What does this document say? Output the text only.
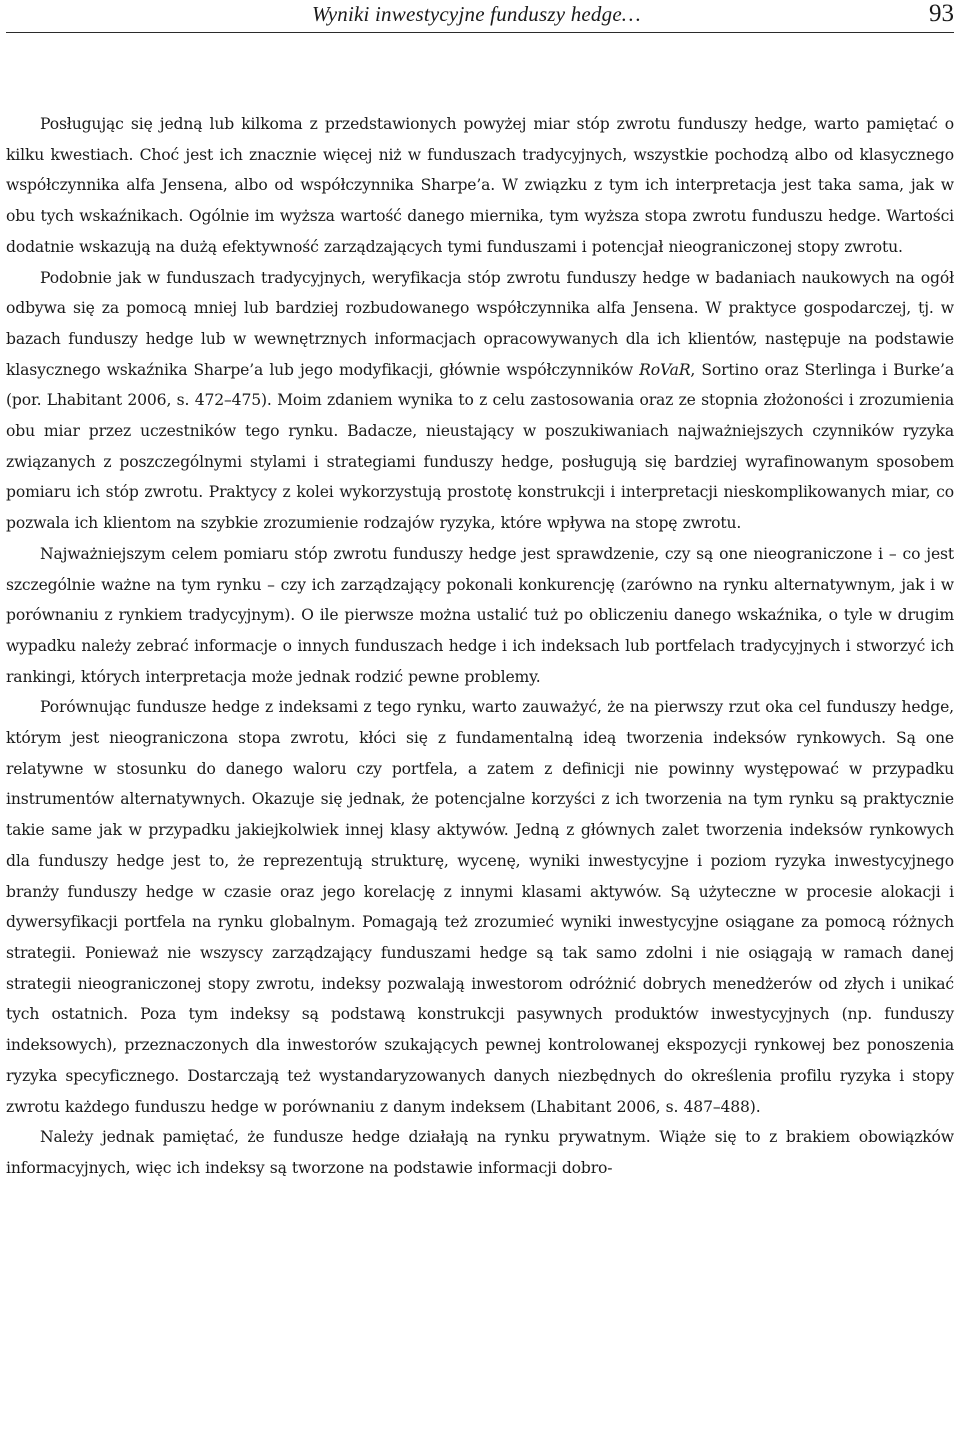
Wyniki inwestycyjne funduszy hedge…	93

Posługując się jedną lub kilkoma z przedstawionych powyżej miar stóp zwrotu funduszy hedge, warto pamiętać o kilku kwestiach. Choć jest ich znacznie więcej niż w funduszach tradycyjnych, wszystkie pochodzą albo od klasycznego współczynnika alfa Jensena, albo od współczynnika Sharpe’a. W związku z tym ich interpretacja jest taka sama, jak w obu tych wskaźnikach. Ogólnie im wyższa wartość danego miernika, tym wyższa stopa zwrotu funduszu hedge. Wartości dodatnie wskazują na dużą efektywność zarządzających tymi funduszami i potencjał nieograniczonej stopy zwrotu.

Podobnie jak w funduszach tradycyjnych, weryfikacja stóp zwrotu funduszy hedge w badaniach naukowych na ogół odbywa się za pomocą mniej lub bardziej rozbudowanego współczynnika alfa Jensena. W praktyce gospodarczej, tj. w bazach funduszy hedge lub w wewnętrznych informacjach opracowywanych dla ich klientów, następuje na podstawie klasycznego wskaźnika Sharpe’a lub jego modyfikacji, głównie współczynników RoVaR, Sortino oraz Sterlinga i Burke’a (por. Lhabitant 2006, s. 472–475). Moim zdaniem wynika to z celu zastosowania oraz ze stopnia złożoności i zrozumienia obu miar przez uczestników tego rynku. Badacze, nieustający w poszukiwaniach najważniejszych czynników ryzyka związanych z poszczególnymi stylami i strategiami funduszy hedge, posługują się bardziej wyrafinowanym sposobem pomiaru ich stóp zwrotu. Praktycy z kolei wykorzystują prostotę konstrukcji i interpretacji nieskomplikowanych miar, co pozwala ich klientom na szybkie zrozumienie rodzajów ryzyka, które wpływa na stopę zwrotu.

Najważniejszym celem pomiaru stóp zwrotu funduszy hedge jest sprawdzenie, czy są one nieograniczone i – co jest szczególnie ważne na tym rynku – czy ich zarządzający pokonali konkurencję (zarówno na rynku alternatywnym, jak i w porównaniu z rynkiem tradycyjnym). O ile pierwsze można ustalić tuż po obliczeniu danego wskaźnika, o tyle w drugim wypadku należy zebrać informacje o innych funduszach hedge i ich indeksach lub portfelach tradycyjnych i stworzyć ich rankingi, których interpretacja może jednak rodzić pewne problemy.

Porównując fundusze hedge z indeksami z tego rynku, warto zauważyć, że na pierwszy rzut oka cel funduszy hedge, którym jest nieograniczona stopa zwrotu, kłóci się z fundamentalną ideą tworzenia indeksów rynkowych. Są one relatywne w stosunku do danego waloru czy portfela, a zatem z definicji nie powinny występować w przypadku instrumentów alternatywnych. Okazuje się jednak, że potencjalne korzyści z ich tworzenia na tym rynku są praktycznie takie same jak w przypadku jakiejkolwiek innej klasy aktywów. Jedną z głównych zalet tworzenia indeksów rynkowych dla funduszy hedge jest to, że reprezentują strukturę, wycenę, wyniki inwestycyjne i poziom ryzyka inwestycyjnego branży funduszy hedge w czasie oraz jego korelację z innymi klasami aktywów. Są użyteczne w procesie alokacji i dywersyfikacji portfela na rynku globalnym. Pomagają też zrozumieć wyniki inwestycyjne osiągane za pomocą różnych strategii. Ponieważ nie wszyscy zarządzający funduszami hedge są tak samo zdolni i nie osiągają w ramach danej strategii nieograniczonej stopy zwrotu, indeksy pozwalają inwestorom odróżnić dobrych menedżerów od złych i unikać tych ostatnich. Poza tym indeksy są podstawą konstrukcji pasywnych produktów inwestycyjnych (np. funduszy indeksowych), przeznaczonych dla inwestorów szukających pewnej kontrolowanej ekspozycji rynkowej bez ponoszenia ryzyka specyficznego. Dostarczają też wystandaryzowanych danych niezbędnych do określenia profilu ryzyka i stopy zwrotu każdego funduszu hedge w porównaniu z danym indeksem (Lhabitant 2006, s. 487–488).

Należy jednak pamiętać, że fundusze hedge działają na rynku prywatnym. Wiąże się to z brakiem obowiązków informacyjnych, więc ich indeksy są tworzone na podstawie informacji dobro-
